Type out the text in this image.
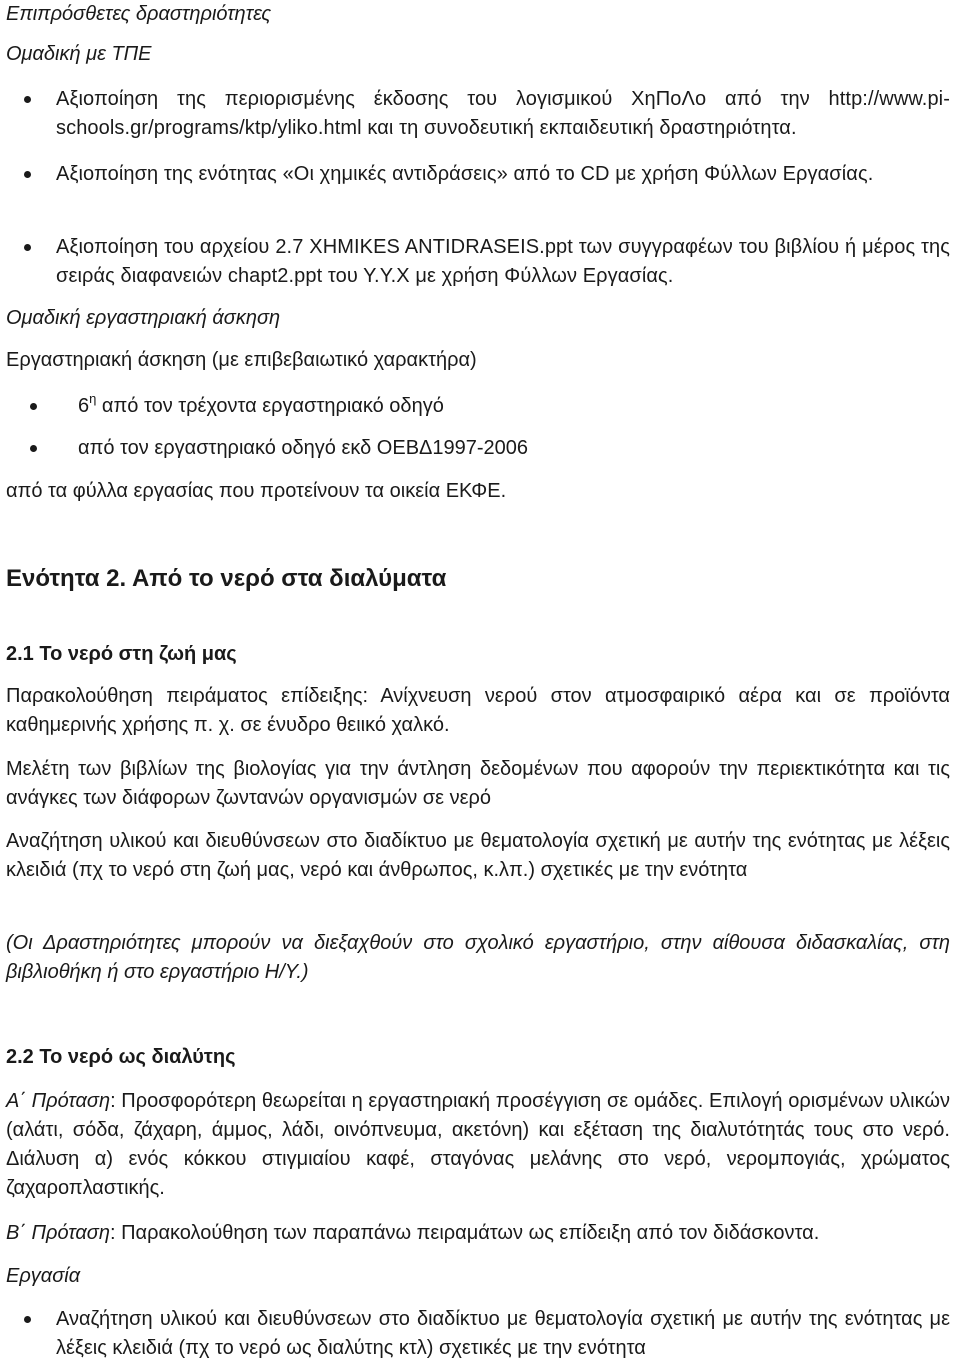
Επιπρόσθετες δραστηριότητες

Ομαδική με ΤΠΕ

Αξιοποίηση της περιορισμένης έκδοσης του λογισμικού ΧηΠοΛο από την http://www.pi-schools.gr/programs/ktp/yliko.html και τη συνοδευτική εκπαιδευτική δραστηριότητα.
Αξιοποίηση της ενότητας «Οι χημικές αντιδράσεις» από το CD με χρήση Φύλλων Εργασίας.
Αξιοποίηση του αρχείου 2.7 XHMIKES ANTIDRASEIS.ppt των συγγραφέων του βιβλίου ή μέρος της σειράς διαφανειών chapt2.ppt του Υ.Υ.Χ με χρήση Φύλλων Εργασίας.

Ομαδική εργαστηριακή άσκηση

Εργαστηριακή άσκηση (με επιβεβαιωτικό χαρακτήρα)

$6^\eta$ από τον τρέχοντα εργαστηριακό οδηγό
από τον εργαστηριακό οδηγό εκδ ΟΕΒΔ1997-2006

από τα φύλλα εργασίας που προτείνουν τα οικεία ΕΚΦΕ.

Ενότητα 2. Από το νερό στα διαλύματα

2.1 Το νερό στη ζωή μας

Παρακολούθηση πειράματος επίδειξης: Ανίχνευση νερού στον ατμοσφαιρικό αέρα και σε προϊόντα καθημερινής χρήσης π. χ. σε ένυδρο θειικό χαλκό.

Μελέτη των βιβλίων της βιολογίας για την άντληση δεδομένων που αφορούν την περιεκτικότητα και τις ανάγκες των διάφορων ζωντανών οργανισμών σε νερό

Αναζήτηση υλικού και διευθύνσεων στο διαδίκτυο με θεματολογία σχετική με αυτήν της ενότητας με λέξεις κλειδιά (πχ το νερό στη ζωή μας, νερό και άνθρωπος, κ.λπ.) σχετικές με την ενότητα

(Οι Δραστηριότητες μπορούν να διεξαχθούν στο σχολικό εργαστήριο, στην αίθουσα διδασκαλίας, στη βιβλιοθήκη ή στο εργαστήριο Η/Υ.)

2.2 Το νερό ως διαλύτης

Α΄ Πρόταση: Προσφορότερη θεωρείται η εργαστηριακή προσέγγιση σε ομάδες. Επιλογή ορισμένων υλικών (αλάτι, σόδα, ζάχαρη, άμμος, λάδι, οινόπνευμα, ακετόνη) και εξέταση της διαλυτότητάς τους στο νερό. Διάλυση α) ενός κόκκου στιγμιαίου καφέ, σταγόνας μελάνης στο νερό, νερομπογιάς, χρώματος ζαχαροπλαστικής.

Β΄ Πρόταση: Παρακολούθηση των παραπάνω πειραμάτων ως επίδειξη από τον διδάσκοντα.

Εργασία

Αναζήτηση υλικού και διευθύνσεων στο διαδίκτυο με θεματολογία σχετική με αυτήν της ενότητας με λέξεις κλειδιά (πχ το νερό ως διαλύτης κτλ) σχετικές με την ενότητα
